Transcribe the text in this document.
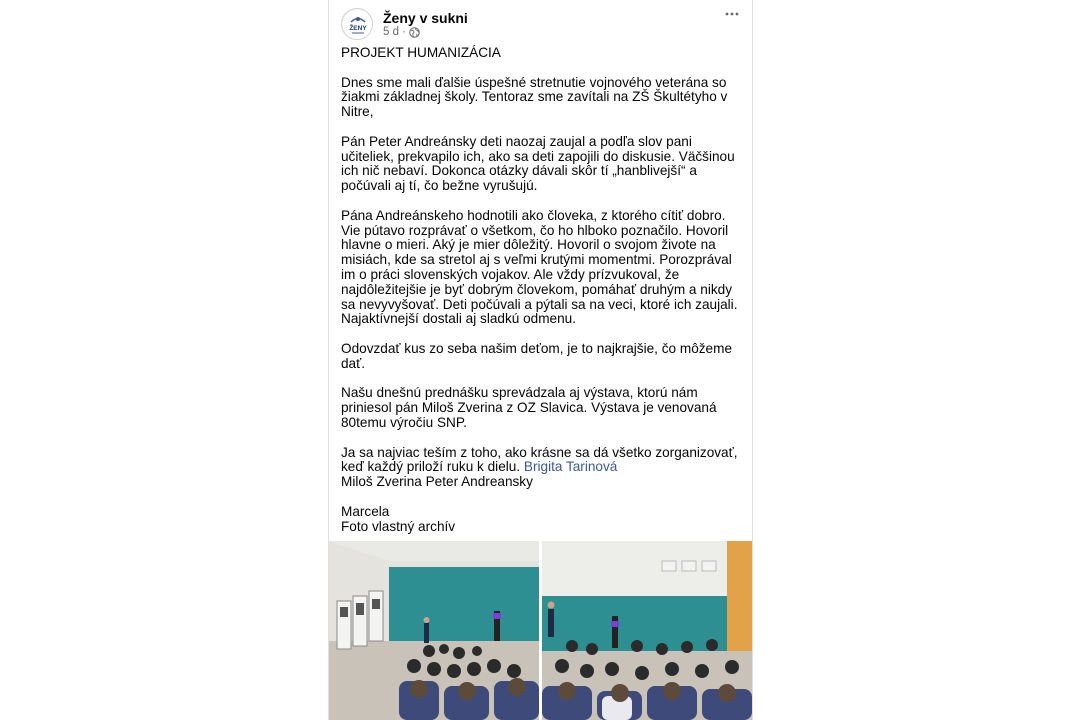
ŽENY
Ženy v sukni
5 d ·

PROJEKT HUMANIZÁCIA

Dnes sme mali ďalšie úspešné stretnutie vojnového veterána so žiakmi základnej školy. Tentoraz sme zavítali na ZŠ Škultétyho v Nitre,

Pán Peter Andreánsky deti naozaj zaujal a podľa slov pani učiteliek, prekvapilo ich, ako sa deti zapojili do diskusie. Väčšinou ich nič nebaví. Dokonca otázky dávali skôr tí „hanblivejší“ a počúvali aj tí, čo bežne vyrušujú.

Pána Andreánskeho hodnotili ako človeka, z ktorého cítiť dobro. Vie pútavo rozprávať o všetkom, čo ho hlboko poznačilo. Hovoril hlavne o mieri. Aký je mier dôležitý. Hovoril o svojom živote na misiách, kde sa stretol aj s veľmi krutými momentmi. Porozprával im o práci slovenských vojakov. Ale vždy prízvukoval, že najdôležitejšie je byť dobrým človekom, pomáhať druhým a nikdy sa nevyvyšovať. Deti počúvali a pýtali sa na veci, ktoré ich zaujali. Najaktívnejší dostali aj sladkú odmenu.

Odovzdať kus zo seba našim deťom, je to najkrajšie, čo môžeme dať.

Našu dnešnú prednášku sprevádzala aj výstava, ktorú nám priniesol pán Miloš Zverina z OZ Slavica. Výstava je venovaná 80temu výročiu SNP.

Ja sa najviac teším z toho, ako krásne sa dá všetko zorganizovať, keď každý priloží ruku k dielu. Brigita Tarinová
Miloš Zverina Peter Andreansky

Marcela
Foto vlastný archív
